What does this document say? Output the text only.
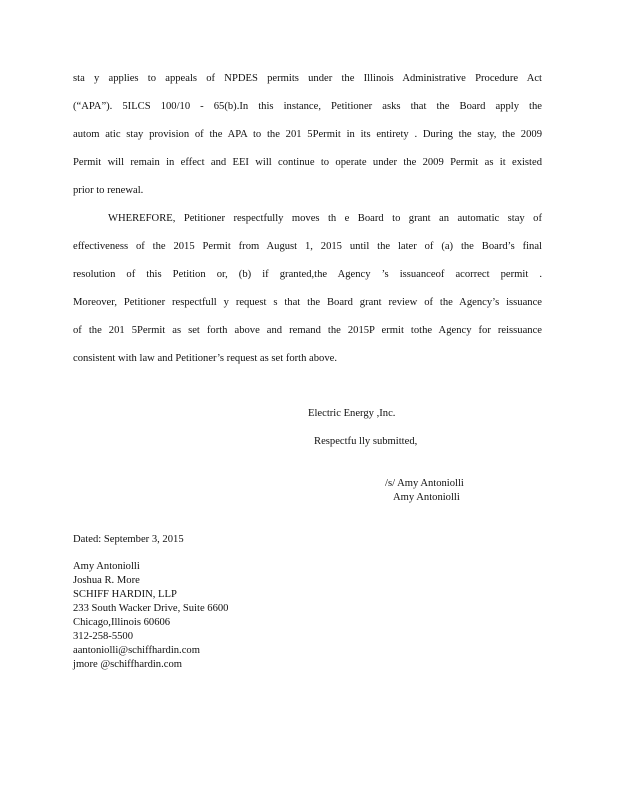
sta y applies to appeals of NPDES permits under the Illinois Administrative Procedure Act
(“APA”). 5ILCS 100/10 - 65(b).In this instance, Petitioner asks that the Board apply the
autom atic stay provision of the APA to the 201 5Permit in its entirety . During the stay, the 2009
Permit will remain in effect and EEI will continue to operate under the 2009 Permit as it existed
prior to renewal.
WHEREFORE, Petitioner respectfully moves th e Board to grant an automatic stay of
effectiveness of the 2015 Permit from August 1, 2015 until the later of (a) the Board’s final
resolution of this Petition or, (b) if granted,the Agency ’s issuanceof acorrect permit .
Moreover, Petitioner respectfull y request s that the Board grant review of the Agency’s issuance
of the 201 5Permit as set forth above and remand the 2015P ermit tothe Agency for reissuance
consistent with law and Petitioner’s request as set forth above.
Electric Energy ,Inc.
Respectfu lly submitted,
/s/ Amy Antoniolli
Amy Antoniolli
Dated: September 3, 2015
Amy Antoniolli
Joshua R. More
SCHIFF HARDIN, LLP
233 South Wacker Drive, Suite 6600
Chicago,Illinois 60606
312-258-5500
aantoniolli@schiffhardin.com
jmore @schiffhardin.com
